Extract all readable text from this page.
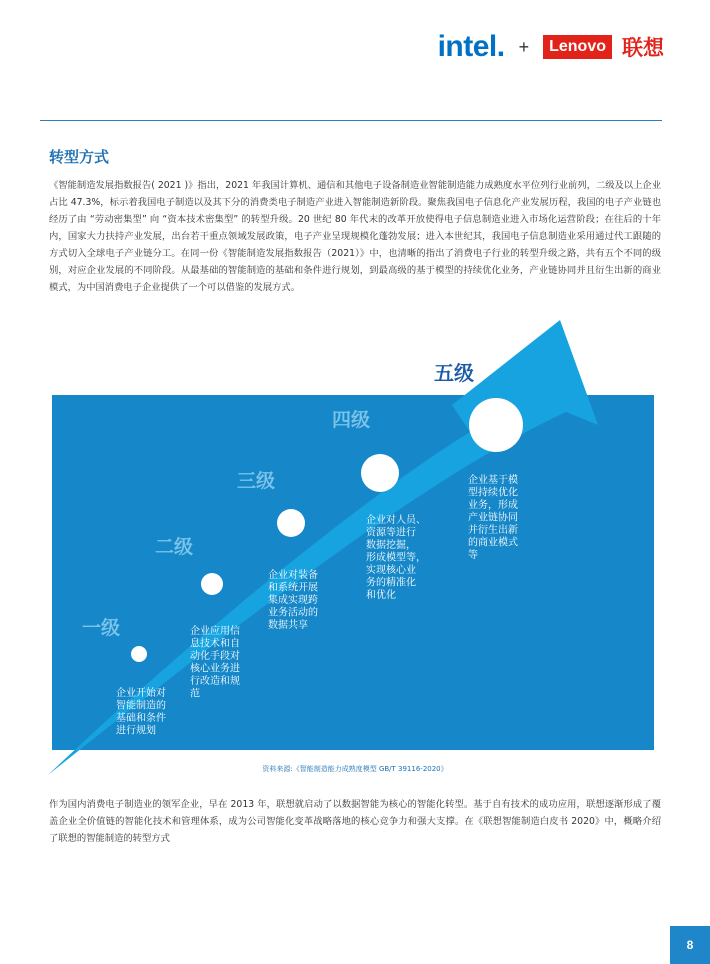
intel. +	Lenovo 联想
转型方式
《智能制造发展指数报告( 2021 )》指出，2021 年我国计算机、通信和其他电子设备制造业智能制造能力成熟度水平位列行业前列，二级及以上企业占比 47.3%，标示着我国电子制造以及其下分的消费类电子制造产业进入智能制造新阶段。聚焦我国电子信息化产业发展历程，我国的电子产业链也经历了由 “劳动密集型” 向 “资本技术密集型” 的转型升级。20 世纪 80 年代末的改革开放使得电子信息制造业进入市场化运营阶段；在往后的十年内，国家大力扶持产业发展，出台若干重点领域发展政策，电子产业呈现规模化蓬勃发展；进入本世纪其，我国电子信息制造业采用通过代工跟随的方式切入全球电子产业链分工。在同一份《智能制造发展指数报告（2021）》中，也清晰的指出了消费电子行业的转型升级之路，共有五个不同的级别，对应企业发展的不同阶段。从最基础的智能制造的基础和条件进行规划，到最高级的基于模型的持续优化业务，产业链协同并且衍生出新的商业模式，为中国消费电子企业提供了一个可以借鉴的发展方式。
一级
企业开始对智能制造的基础和条件进行规划
二级
企业应用信息技术和自动化手段对核心业务进行改造和规范
三级
企业对装备和系统开展集成实现跨业务活动的数据共享
四级
企业对人员、资源等进行数据挖掘，形成模型等，实现核心业务的精准化和优化
五级
企业基于模型持续优化业务，形成产业链协同并衍生出新的商业模式等
资料来源:《智能制造能力成熟度模型 GB/T 39116-2020》
作为国内消费电子制造业的领军企业，早在 2013 年，联想就启动了以数据智能为核心的智能化转型。基于自有技术的成功应用，联想逐渐形成了覆盖企业全价值链的智能化技术和管理体系，成为公司智能化变革战略落地的核心竞争力和强大支撑。在《联想智能制造白皮书 2020》中，概略介绍了联想的智能制造的转型方式
8
